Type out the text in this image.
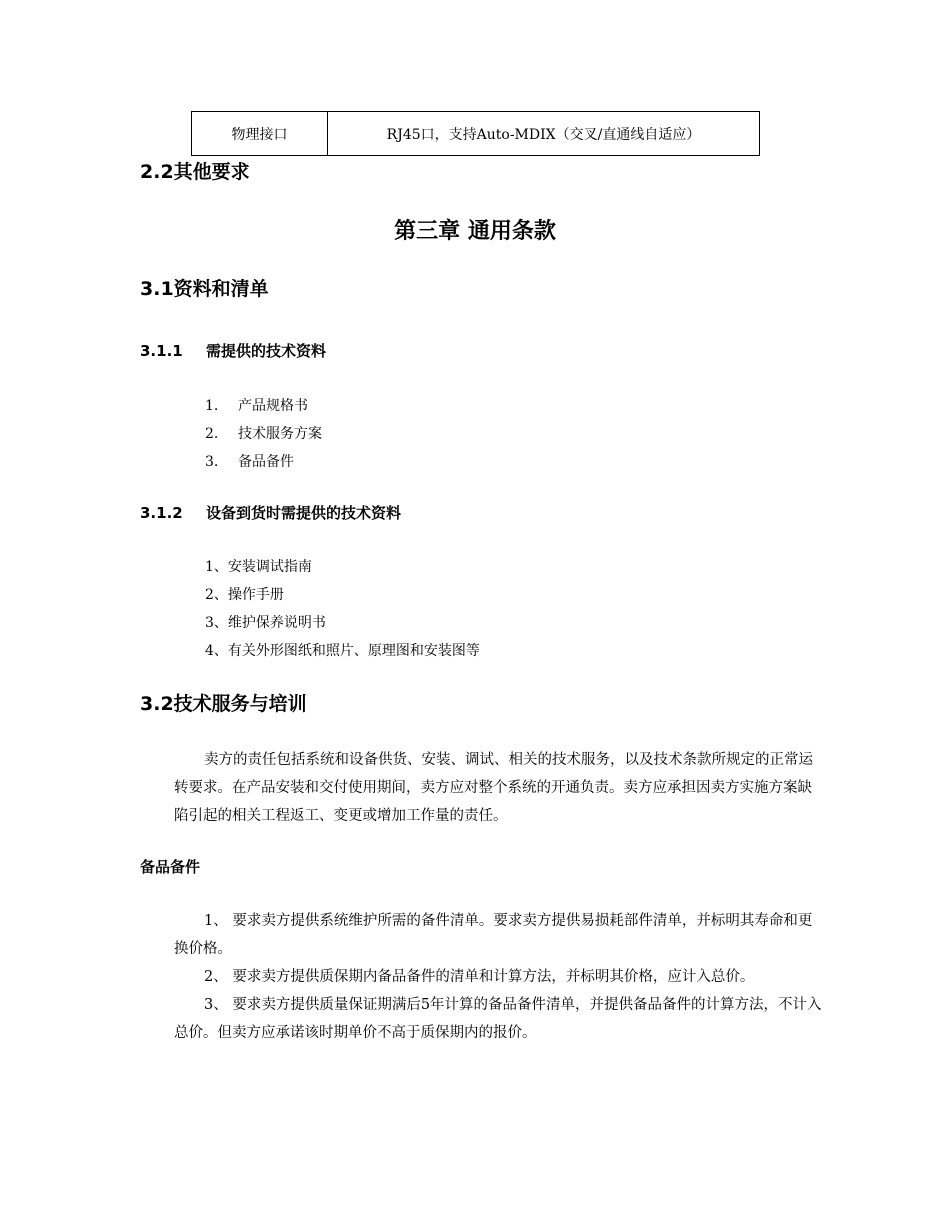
物理接口	RJ45口，支持Auto-MDIX（交叉/直通线自适应）
2.2其他要求
第三章 通用条款
3.1资料和清单
3.1.1 需提供的技术资料
1. 产品规格书
2. 技术服务方案
3. 备品备件
3.1.2 设备到货时需提供的技术资料
1、安装调试指南
2、操作手册
3、维护保养说明书
4、有关外形图纸和照片、原理图和安装图等
3.2技术服务与培训

卖方的责任包括系统和设备供货、安装、调试、相关的技术服务，以及技术条款所规定的正常运转要求。在产品安装和交付使用期间，卖方应对整个系统的开通负责。卖方应承担因卖方实施方案缺陷引起的相关工程返工、变更或增加工作量的责任。

备品备件

1、 要求卖方提供系统维护所需的备件清单。要求卖方提供易损耗部件清单，并标明其寿命和更换价格。

2、 要求卖方提供质保期内备品备件的清单和计算方法，并标明其价格，应计入总价。

3、 要求卖方提供质量保证期满后5年计算的备品备件清单，并提供备品备件的计算方法，不计入总价。但卖方应承诺该时期单价不高于质保期内的报价。
